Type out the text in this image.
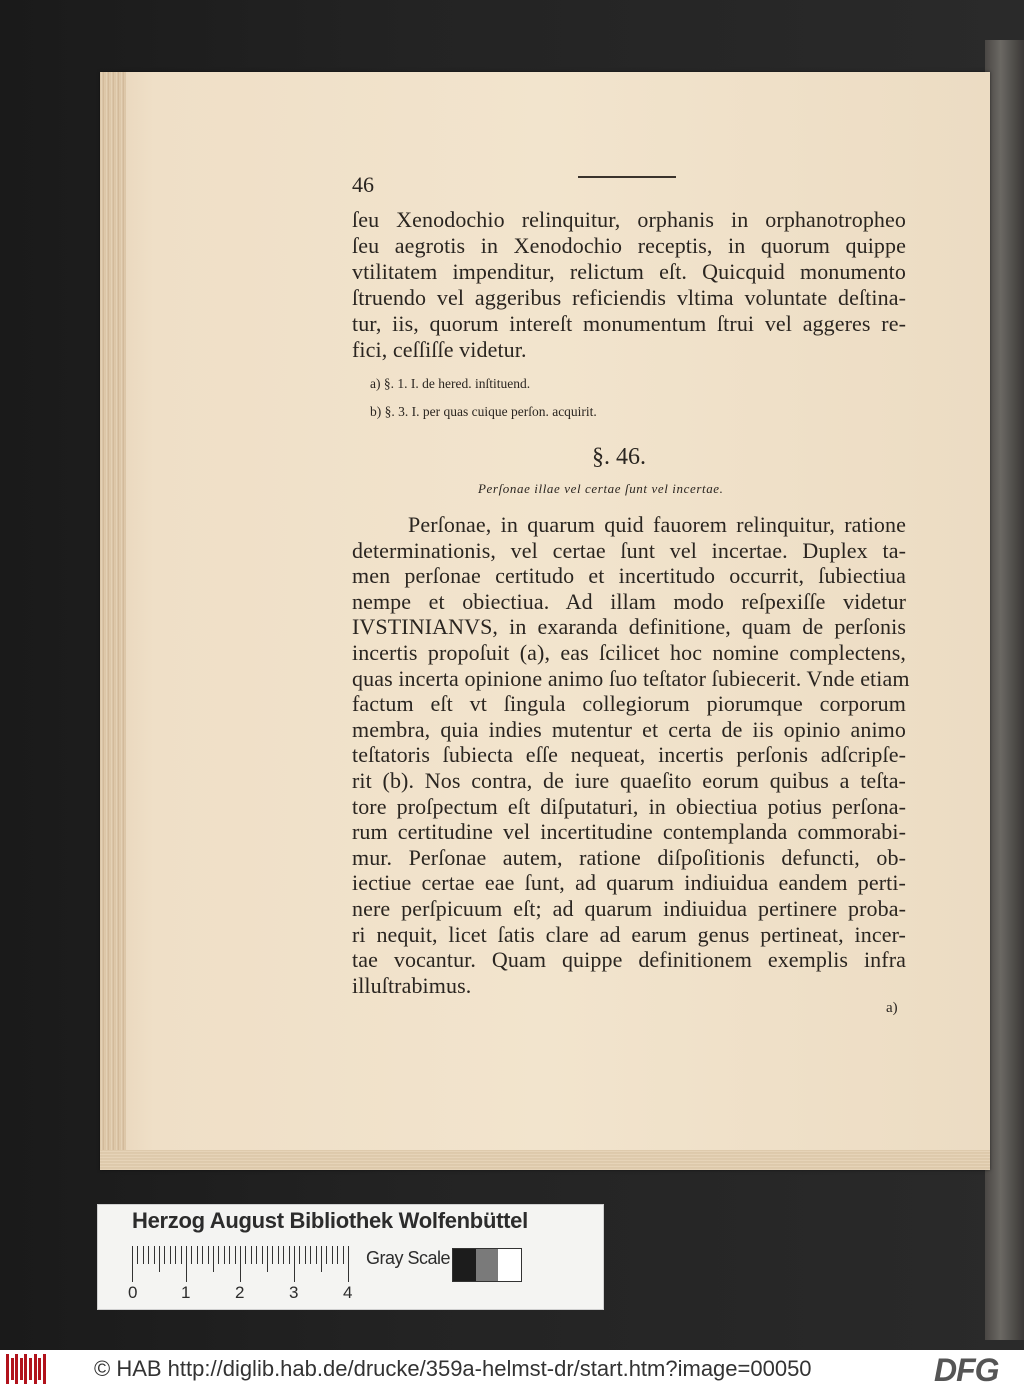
46
ſeu Xenodochio relinquitur, orphanis in orphanotropheo
ſeu aegrotis in Xenodochio receptis, in quorum quippe
vtilitatem impenditur, relictum eſt. Quicquid monumento
ſtruendo vel aggeribus reficiendis vltima voluntate deſtina-
tur, iis, quorum intereſt monumentum ſtrui vel aggeres re-
fici, ceſſiſſe videtur.
a) §. 1. I. de hered. inſtituend.
b) §. 3. I. per quas cuique perſon. acquirit.
§. 46.
Perſonae illae vel certae ſunt vel incertae.
Perſonae, in quarum quid fauorem relinquitur, ratione
determinationis, vel certae ſunt vel incertae. Duplex ta-
men perſonae certitudo et incertitudo occurrit, ſubiectiua
nempe et obiectiua. Ad illam modo reſpexiſſe videtur
IVSTINIANVS, in exaranda definitione, quam de perſonis
incertis propoſuit (a), eas ſcilicet hoc nomine complectens,
quas incerta opinione animo ſuo teſtator ſubiecerit. Vnde etiam
factum eſt vt ſingula collegiorum piorumque corporum
membra, quia indies mutentur et certa de iis opinio animo
teſtatoris ſubiecta eſſe nequeat, incertis perſonis adſcripſe-
rit (b). Nos contra, de iure quaeſito eorum quibus a teſta-
tore proſpectum eſt diſputaturi, in obiectiua potius perſona-
rum certitudine vel incertitudine contemplanda commorabi-
mur. Perſonae autem, ratione diſpoſitionis defuncti, ob-
iectiue certae eae ſunt, ad quarum indiuidua eandem perti-
nere perſpicuum eſt; ad quarum indiuidua pertinere proba-
ri nequit, licet ſatis clare ad earum genus pertineat, incer-
tae vocantur. Quam quippe definitionem exemplis infra
illuſtrabimus.
a)
Herzog August Bibliothek Wolfenbüttel
0	1	2	3	4
Gray Scale
© HAB http://diglib.hab.de/drucke/359a-helmst-dr/start.htm?image=00050	DFG
